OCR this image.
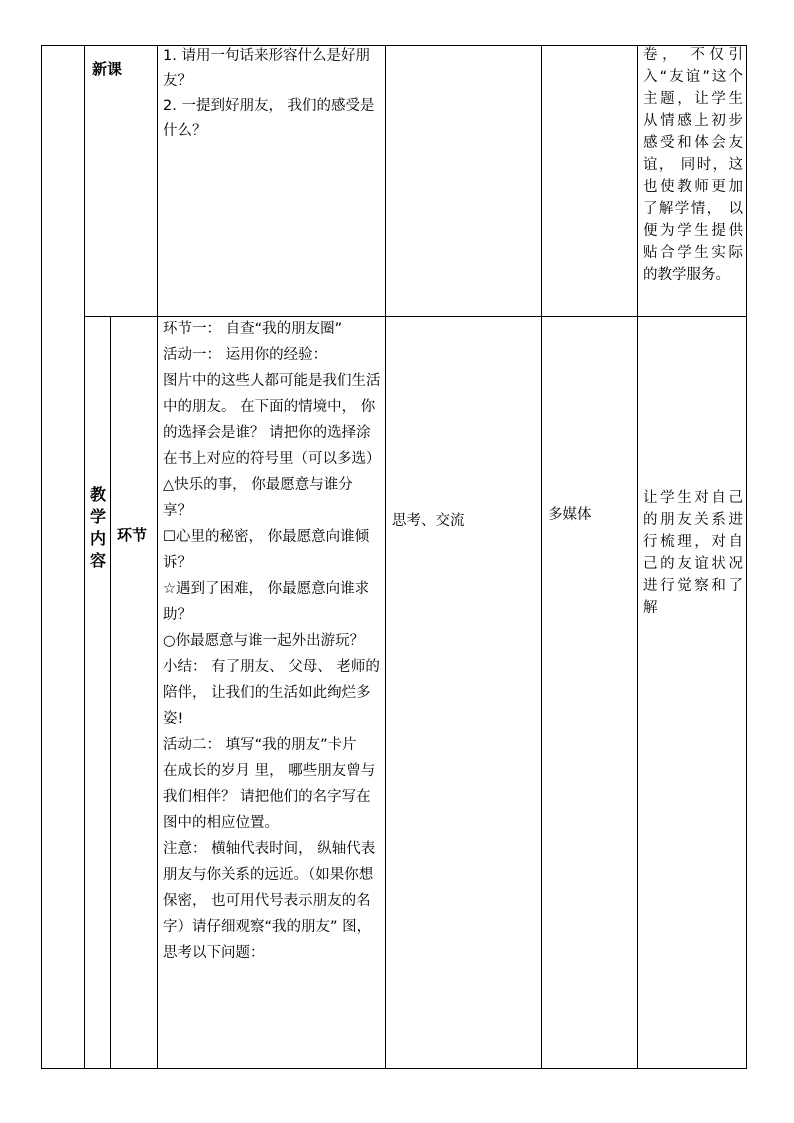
新课

1. 请用一句话来形容什么是好朋友？

2. 一提到好朋友， 我们的感受是什么？

卷， 不仅引入“友谊”这个主题，让学生从情感上初步感受和体会友谊， 同时，这也使教师更加了解学情， 以便为学生提供贴合学生实际的教学服务。
教
学
内
容
环节

环节一： 自查“我的朋友圈”

活动一： 运用你的经验：

图片中的这些人都可能是我们生活中的朋友。 在下面的情境中， 你的选择会是谁？ 请把你的选择涂在书上对应的符号里（可以多选）

△快乐的事， 你最愿意与谁分享？

☐心里的秘密， 你最愿意向谁倾诉？

☆遇到了困难， 你最愿意向谁求助？

○你最愿意与谁一起外出游玩？

小结： 有了朋友、 父母、 老师的陪伴， 让我们的生活如此绚烂多姿!

活动二： 填写“我的朋友”卡片

在成长的岁月 里， 哪些朋友曾与我们相伴？ 请把他们的名字写在图中的相应位置。

注意： 横轴代表时间， 纵轴代表朋友与你关系的远近。（如果你想保密， 也可用代号表示朋友的名字）请仔细观察“我的朋友” 图， 思考以下问题：

思考、交流	多媒体
让学生对自己的朋友关系进行梳理，对自己的友谊状况进行觉察和了解
